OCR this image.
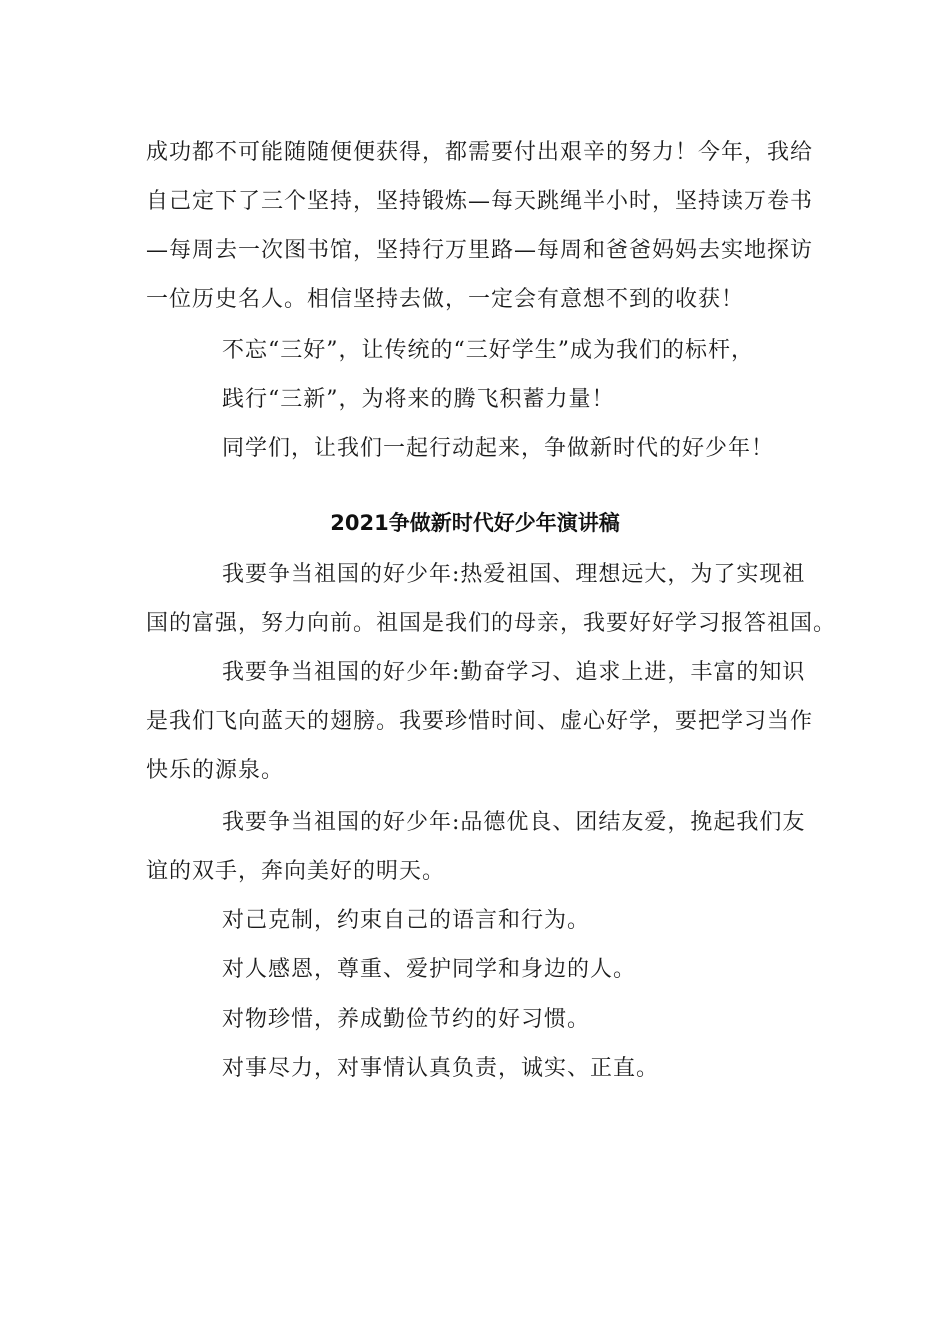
成功都不可能随随便便获得，都需要付出艰辛的努力！今年，我给
自己定下了三个坚持，坚持锻炼—每天跳绳半小时，坚持读万卷书
—每周去一次图书馆，坚持行万里路—每周和爸爸妈妈去实地探访
一位历史名人。相信坚持去做，一定会有意想不到的收获！
不忘“三好”，让传统的“三好学生”成为我们的标杆，
践行“三新”，为将来的腾飞积蓄力量！
同学们，让我们一起行动起来，争做新时代的好少年！
2021争做新时代好少年演讲稿
我要争当祖国的好少年:热爱祖国、理想远大，为了实现祖
国的富强，努力向前。祖国是我们的母亲，我要好好学习报答祖国。
我要争当祖国的好少年:勤奋学习、追求上进，丰富的知识
是我们飞向蓝天的翅膀。我要珍惜时间、虚心好学，要把学习当作
快乐的源泉。
我要争当祖国的好少年:品德优良、团结友爱，挽起我们友
谊的双手，奔向美好的明天。
对己克制，约束自己的语言和行为。
对人感恩，尊重、爱护同学和身边的人。
对物珍惜，养成勤俭节约的好习惯。
对事尽力，对事情认真负责，诚实、正直。
